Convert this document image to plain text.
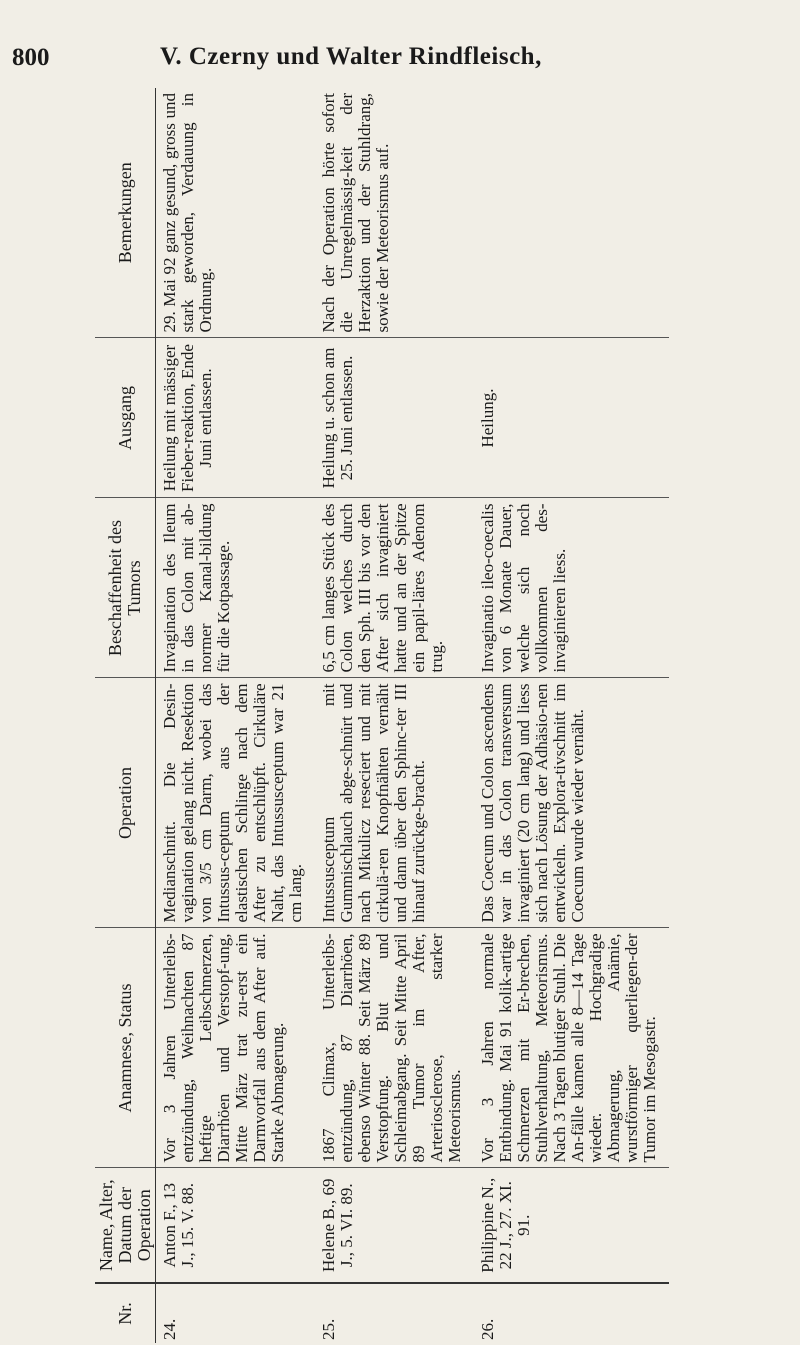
800	V. Czerny und Walter Rindfleisch,
Nr.	Name, Alter, Datum der Operation	Anamnese, Status	Operation	Beschaffenheit des Tumors	Ausgang	Bemerkungen
24.	Anton F., 13 J., 15. V. 88.	Vor 3 Jahren Unterleibs-entzündung, Weihnachten 87 heftige Leibschmerzen, Diarrhöen und Verstopf-ung, Mitte März trat zu-erst ein Darmvorfall aus dem After auf. Starke Abmagerung.	Medianschnitt. Die Desin-vagination gelang nicht. Resektion von 3/5 cm Darm, wobei das Intussus-ceptum aus der elastischen Schlinge nach dem After zu entschlüpft. Cirkuläre Naht, das Intussusceptum war 21 cm lang.	Invagination des Ileum in das Colon mit ab-normer Kanal-bildung für die Kotpassage.	Heilung mit mässiger Fieber-reaktion, Ende Juni entlassen.	29. Mai 92 ganz gesund, gross und stark geworden, Verdauung in Ordnung.
25.	Helene B., 69 J., 5. VI. 89.	1867 Climax, Unterleibs-entzündung, 87 Diarrhöen, ebenso Winter 88. Seit März 89 Verstopfung. Blut und Schleimabgang. Seit Mitte April 89 Tumor im After, Arteriosclerose, starker Meteorismus.	Intussusceptum mit Gummischlauch abge-schnürt und nach Mikulicz reseciert und mit cirkulä-ren Knopfnähten vernäht und dann über den Sphinc-ter III hinauf zurückge-bracht.	6,5 cm langes Stück des Colon welches durch den Sph. III bis vor den After sich invaginiert hatte und an der Spitze ein papil-läres Adenom trug.	Heilung u. schon am 25. Juni entlassen.	Nach der Operation hörte sofort die Unregelmässig-keit der Herzaktion und der Stuhldrang, sowie der Meteorismus auf.
26.	Philippine N., 22 J., 27. XI. 91.	Vor 3 Jahren normale Entbindung. Mai 91 kolik-artige Schmerzen mit Er-brechen, Stuhlverhaltung, Meteorismus. Nach 3 Tagen blutiger Stuhl. Die An-fälle kamen alle 8—14 Tage wieder. Hochgradige Abmagerung, Anämie, wurstförmiger querliegen-der Tumor im Mesogastr.	Das Coecum und Colon ascendens war in das Colon transversum invaginiert (20 cm lang) und liess sich nach Lösung der Adhäsio-nen entwickeln. Explora-tivschnitt im Coecum wurde wieder vernäht.	Invaginatio ileo-coecalis von 6 Monate Dauer, welche sich noch vollkommen des-invaginieren liess.	Heilung.	
